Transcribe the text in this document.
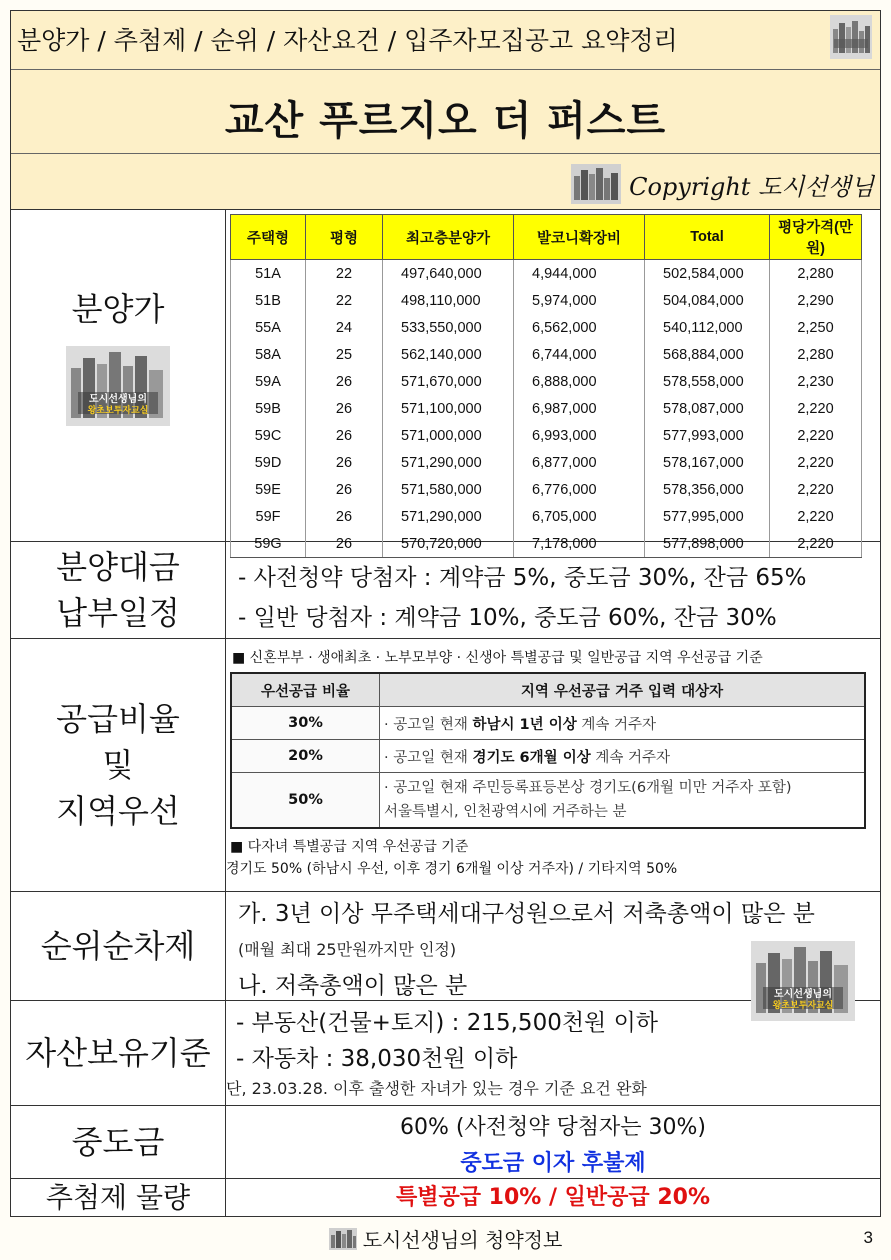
분양가 / 추첨제 / 순위 / 자산요건 / 입주자모집공고 요약정리
교산 푸르지오 더 퍼스트
Copyright 도시선생님
분양가
도시선생님의
왕초보투자교실
주택형	평형	최고층분양가	발코니확장비	Total	평당가격(만원)
51A	22	497,640,000	4,944,000	502,584,000	2,280
51B	22	498,110,000	5,974,000	504,084,000	2,290
55A	24	533,550,000	6,562,000	540,112,000	2,250
58A	25	562,140,000	6,744,000	568,884,000	2,280
59A	26	571,670,000	6,888,000	578,558,000	2,230
59B	26	571,100,000	6,987,000	578,087,000	2,220
59C	26	571,000,000	6,993,000	577,993,000	2,220
59D	26	571,290,000	6,877,000	578,167,000	2,220
59E	26	571,580,000	6,776,000	578,356,000	2,220
59F	26	571,290,000	6,705,000	577,995,000	2,220
59G	26	570,720,000	7,178,000	577,898,000	2,220
분양대금
납부일정
- 사전청약 당첨자 : 계약금 5%, 중도금 30%, 잔금 65%
- 일반 당첨자 : 계약금 10%, 중도금 60%, 잔금 30%
공급비율
및
지역우선
■ 신혼부부 · 생애최초 · 노부모부양 · 신생아 특별공급 및 일반공급 지역 우선공급 기준
우선공급 비율	지역 우선공급 거주 입력 대상자
30%	· 공고일 현재 하남시 1년 이상 계속 거주자
20%	· 공고일 현재 경기도 6개월 이상 계속 거주자
50%	· 공고일 현재 주민등록표등본상 경기도(6개월 미만 거주자 포함)
서울특별시, 인천광역시에 거주하는 분
■ 다자녀 특별공급 지역 우선공급 기준
경기도 50% (하남시 우선, 이후 경기 6개월 이상 거주자) / 기타지역 50%
순위순차제
가. 3년 이상 무주택세대구성원으로서 저축총액이 많은 분
(매월 최대 25만원까지만 인정)
나. 저축총액이 많은 분
자산보유기준
- 부동산(건물+토지) : 215,500천원 이하
- 자동차 : 38,030천원 이하
단, 23.03.28. 이후 출생한 자녀가 있는 경우 기준 요건 완화
도시선생님의
왕초보투자교실
중도금	60% (사전청약 당첨자는 30%)
중도금 이자 후불제
추첨제 물량	특별공급 10% / 일반공급 20%
도시선생님의 청약정보	3
